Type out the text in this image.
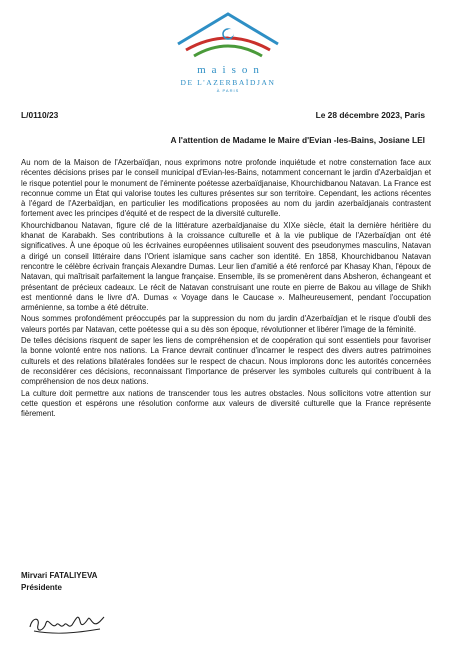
maison
DE L'AZERBAÏDJAN
À PARIS
L/0110/23	Le 28 décembre 2023, Paris
A l'attention de Madame le Maire d'Evian -les-Bains, Josiane LEI

Au nom de la Maison de l'Azerbaïdjan, nous exprimons notre profonde inquiétude et notre consternation face aux récentes décisions prises par le conseil municipal d'Evian-les-Bains, notamment concernant le jardin d'Azerbaïdjan et le risque potentiel pour le monument de l'éminente poétesse azerbaïdjanaise, Khourchidbanou Natavan. La France est reconnue comme un État qui valorise toutes les cultures présentes sur son territoire. Cependant, les actions récentes à l'égard de l'Azerbaïdjan, en particulier les modifications proposées au nom du jardin azerbaïdjanais contrastent fortement avec les principes d'équité et de respect de la diversité culturelle.

Khourchidbanou Natavan, figure clé de la littérature azerbaïdjanaise du XIXe siècle, était la dernière héritière du khanat de Karabakh. Ses contributions à la croissance culturelle et à la vie publique de l'Azerbaïdjan ont été significatives. À une époque où les écrivaines européennes utilisaient souvent des pseudonymes masculins, Natavan a dirigé un conseil littéraire dans l'Orient islamique sans cacher son identité. En 1858, Khourchidbanou Natavan rencontre le célèbre écrivain français Alexandre Dumas. Leur lien d'amitié a été renforcé par Khasay Khan, l'époux de Natavan, qui maîtrisait parfaitement la langue française. Ensemble, ils se promenèrent dans Absheron, échangeant et présentant de précieux cadeaux. Le récit de Natavan construisant une route en pierre de Bakou au village de Shikh est mentionné dans le livre d'A. Dumas « Voyage dans le Caucase ». Malheureusement, pendant l'occupation arménienne, sa tombe a été détruite.

Nous sommes profondément préoccupés par la suppression du nom du jardin d'Azerbaïdjan et le risque d'oubli des valeurs portés par Natavan, cette poétesse qui a su dès son époque, révolutionner et libérer l'image de la féminité.

De telles décisions risquent de saper les liens de compréhension et de coopération qui sont essentiels pour favoriser la bonne volonté entre nos nations. La France devrait continuer d'incarner le respect des divers autres patrimoines culturels et des relations bilatérales fondées sur le respect de chacun. Nous implorons donc les autorités concernées de reconsidérer ces décisions, reconnaissant l'importance de préserver les symboles culturels qui contribuent à la compréhension de nos deux nations.

La culture doit permettre aux nations de transcender tous les autres obstacles. Nous sollicitons votre attention sur cette question et espérons une résolution conforme aux valeurs de diversité culturelle que la France représente fièrement.

Mirvari FATALIYEVA
Présidente
